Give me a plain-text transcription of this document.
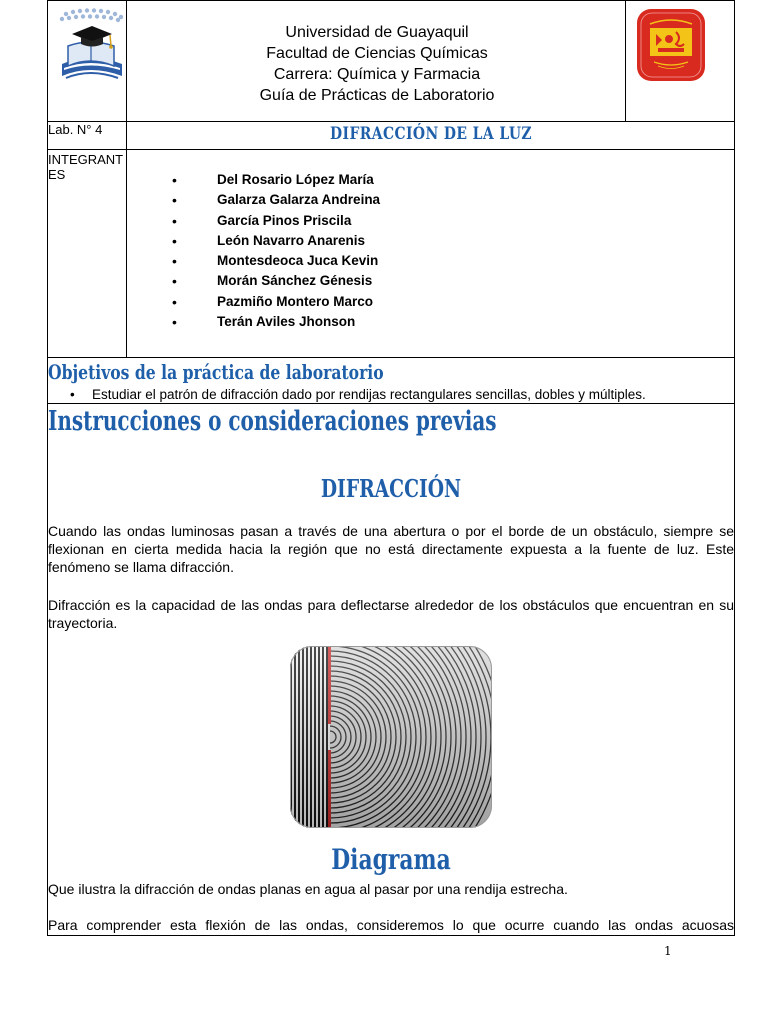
Universidad de Guayaquil
Facultad de Ciencias Químicas
Carrera: Química y Farmacia
Guía de Prácticas de Laboratorio
Lab. N° 4	DIFRACCIÓN DE LA LUZ
INTEGRANTES
•	Del Rosario López María
• Galarza Galarza Andreina
• García Pinos Priscila
• León Navarro Anarenis
• Montesdeoca Juca Kevin
• Morán Sánchez Génesis
• Pazmiño Montero Marco
• Terán Aviles Jhonson
Objetivos de la práctica de laboratorio
• Estudiar el patrón de difracción dado por rendijas rectangulares sencillas, dobles y múltiples.
Instrucciones o consideraciones previas
DIFRACCIÓN
Cuando las ondas luminosas pasan a través de una abertura o por el borde de un obstáculo, siempre se flexionan en cierta medida hacia la región que no está directamente expuesta a la fuente de luz. Este fenómeno se llama difracción.
Difracción es la capacidad de las ondas para deflectarse alrededor de los obstáculos que encuentran en su trayectoria.
Diagrama
Que ilustra la difracción de ondas planas en agua al pasar por una rendija estrecha.
Para comprender esta flexión de las ondas, consideremos lo que ocurre cuando las ondas acuosas
1
